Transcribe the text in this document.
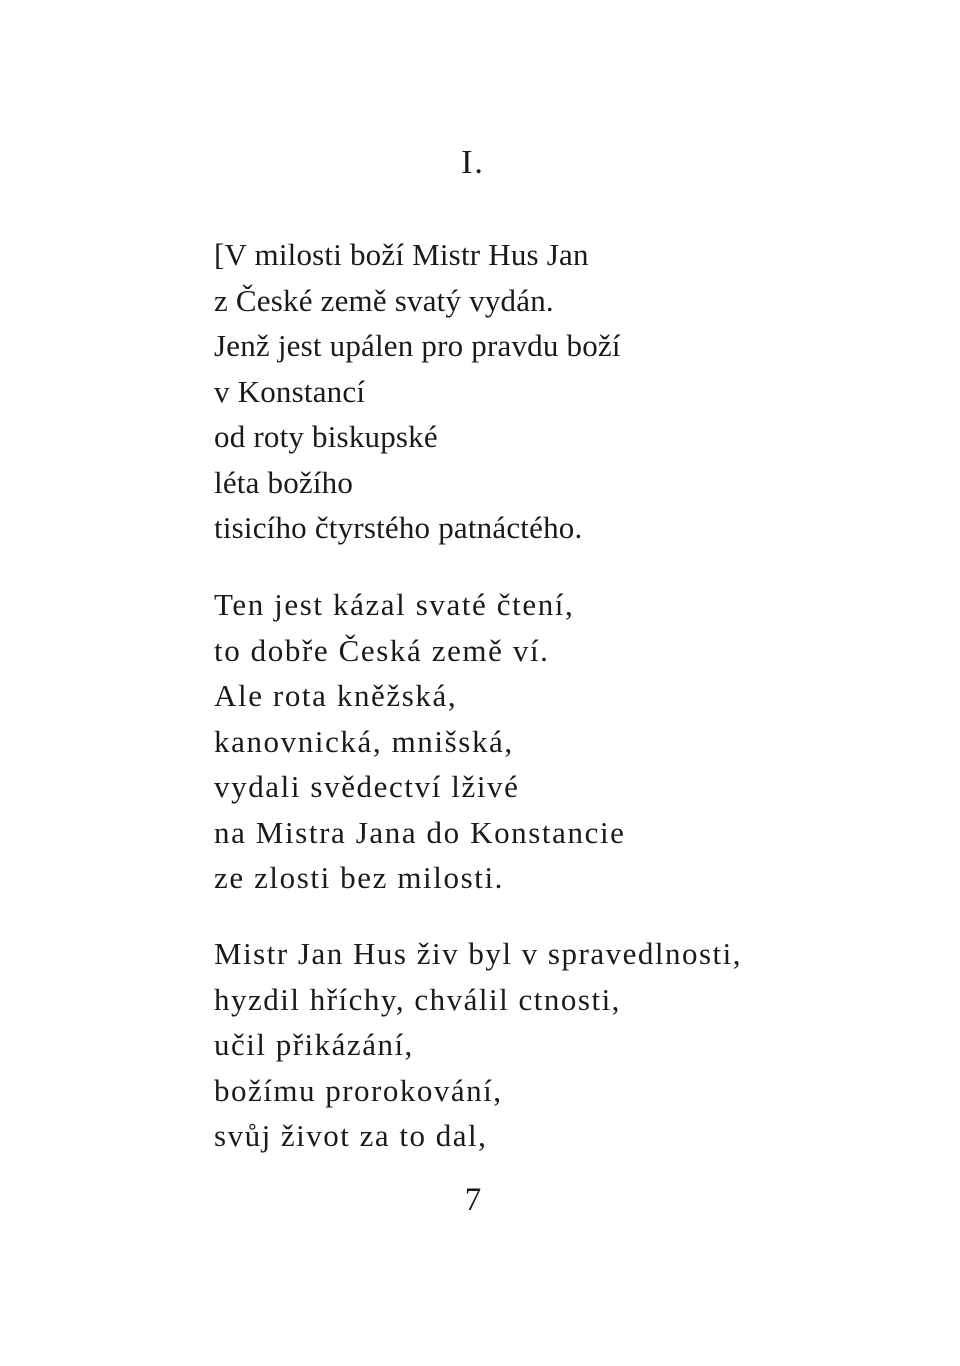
I.
[V milosti boží Mistr Hus Jan
z České země svatý vydán.
Jenž jest upálen pro pravdu boží
v Konstancí
od roty biskupské
léta božího
tisicího čtyrstého patnáctého.
Ten jest kázal svaté čtení,
to dobře Česká země ví.
Ale rota kněžská,
kanovnická, mnišská,
vydali svědectví lživé
na Mistra Jana do Konstancie
ze zlosti bez milosti.
Mistr Jan Hus živ byl v spravedlnosti,
hyzdil hříchy, chválil ctnosti,
učil přikázání,
božímu prorokování,
svůj život za to dal,
7
